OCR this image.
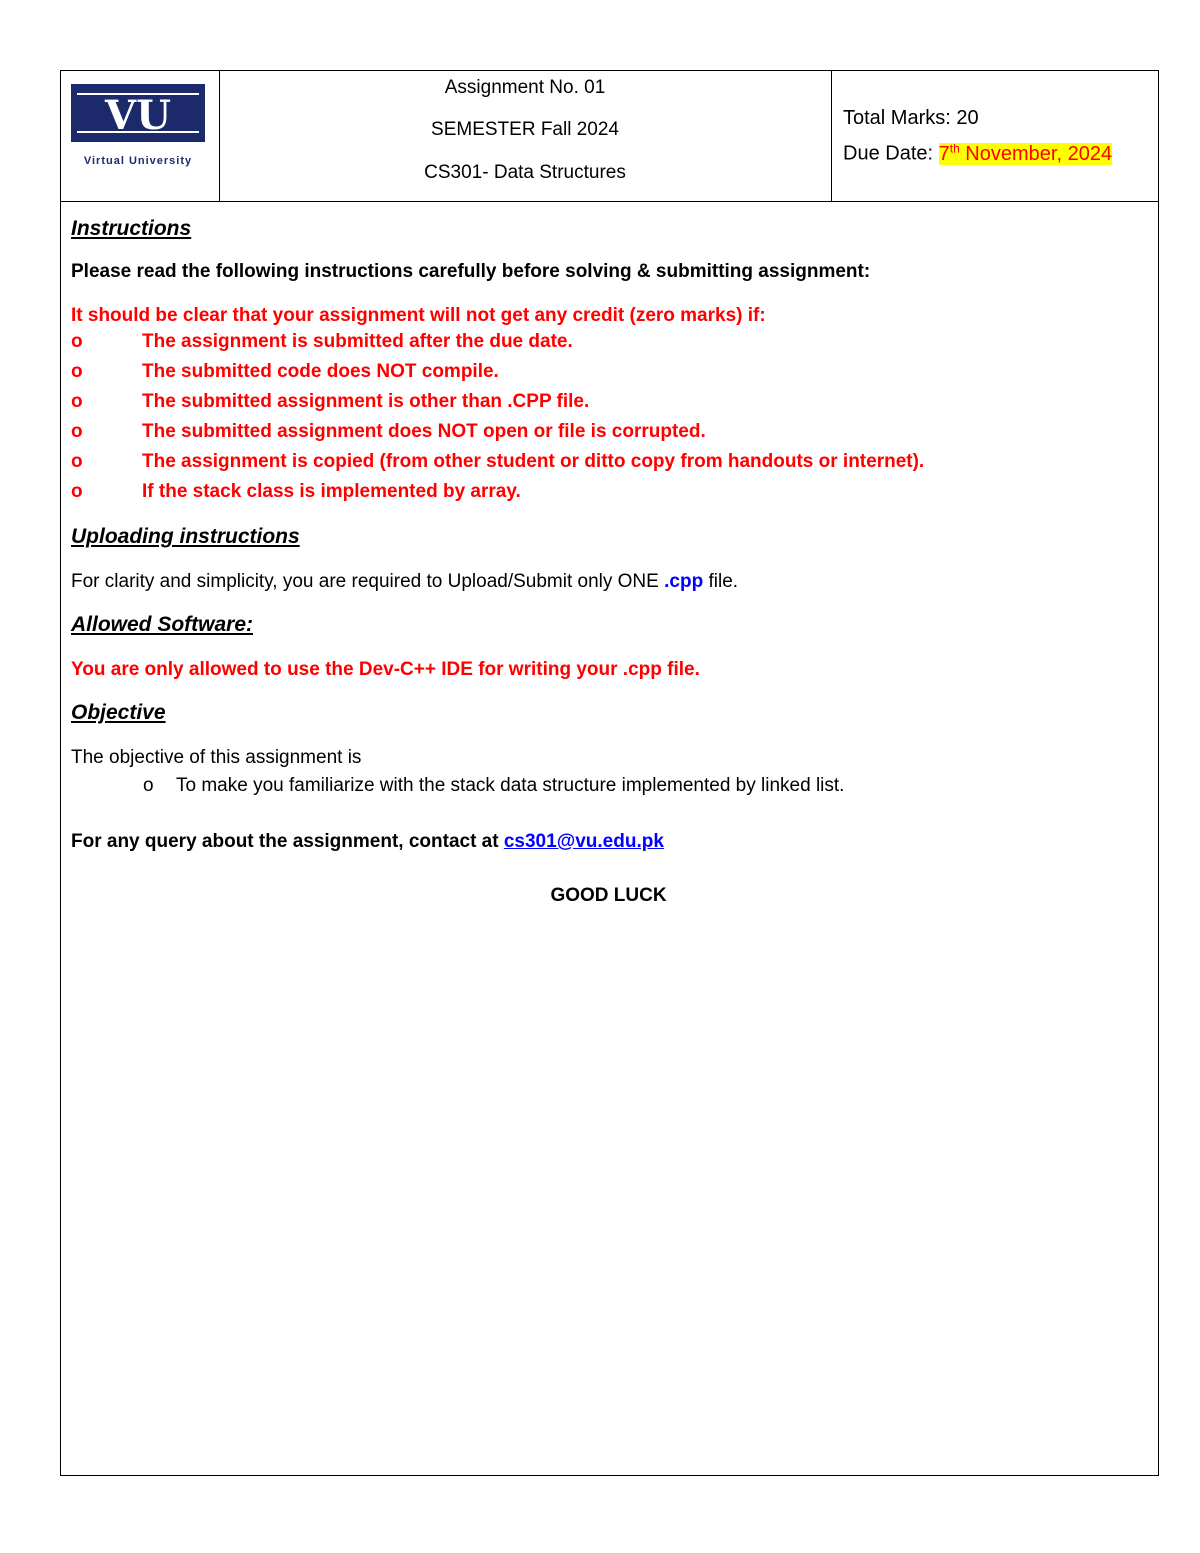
VU
Virtual University
Assignment No. 01
SEMESTER Fall 2024
CS301- Data Structures
Total Marks: 20
Due Date: 7th November, 2024

Instructions

Please read the following instructions carefully before solving & submitting assignment:

It should be clear that your assignment will not get any credit (zero marks) if:

o	The assignment is submitted after the due date.
o	The submitted code does NOT compile.
o	The submitted assignment is other than .CPP file.
o	The submitted assignment does NOT open or file is corrupted.
o	The assignment is copied (from other student or ditto copy from handouts or internet).
o	If the stack class is implemented by array.

Uploading instructions

For clarity and simplicity, you are required to Upload/Submit only ONE .cpp file.

Allowed Software:

You are only allowed to use the Dev-C++ IDE for writing your .cpp file.

Objective

The objective of this assignment is

o To make you familiarize with the stack data structure implemented by linked list.

For any query about the assignment, contact at cs301@vu.edu.pk

GOOD LUCK
